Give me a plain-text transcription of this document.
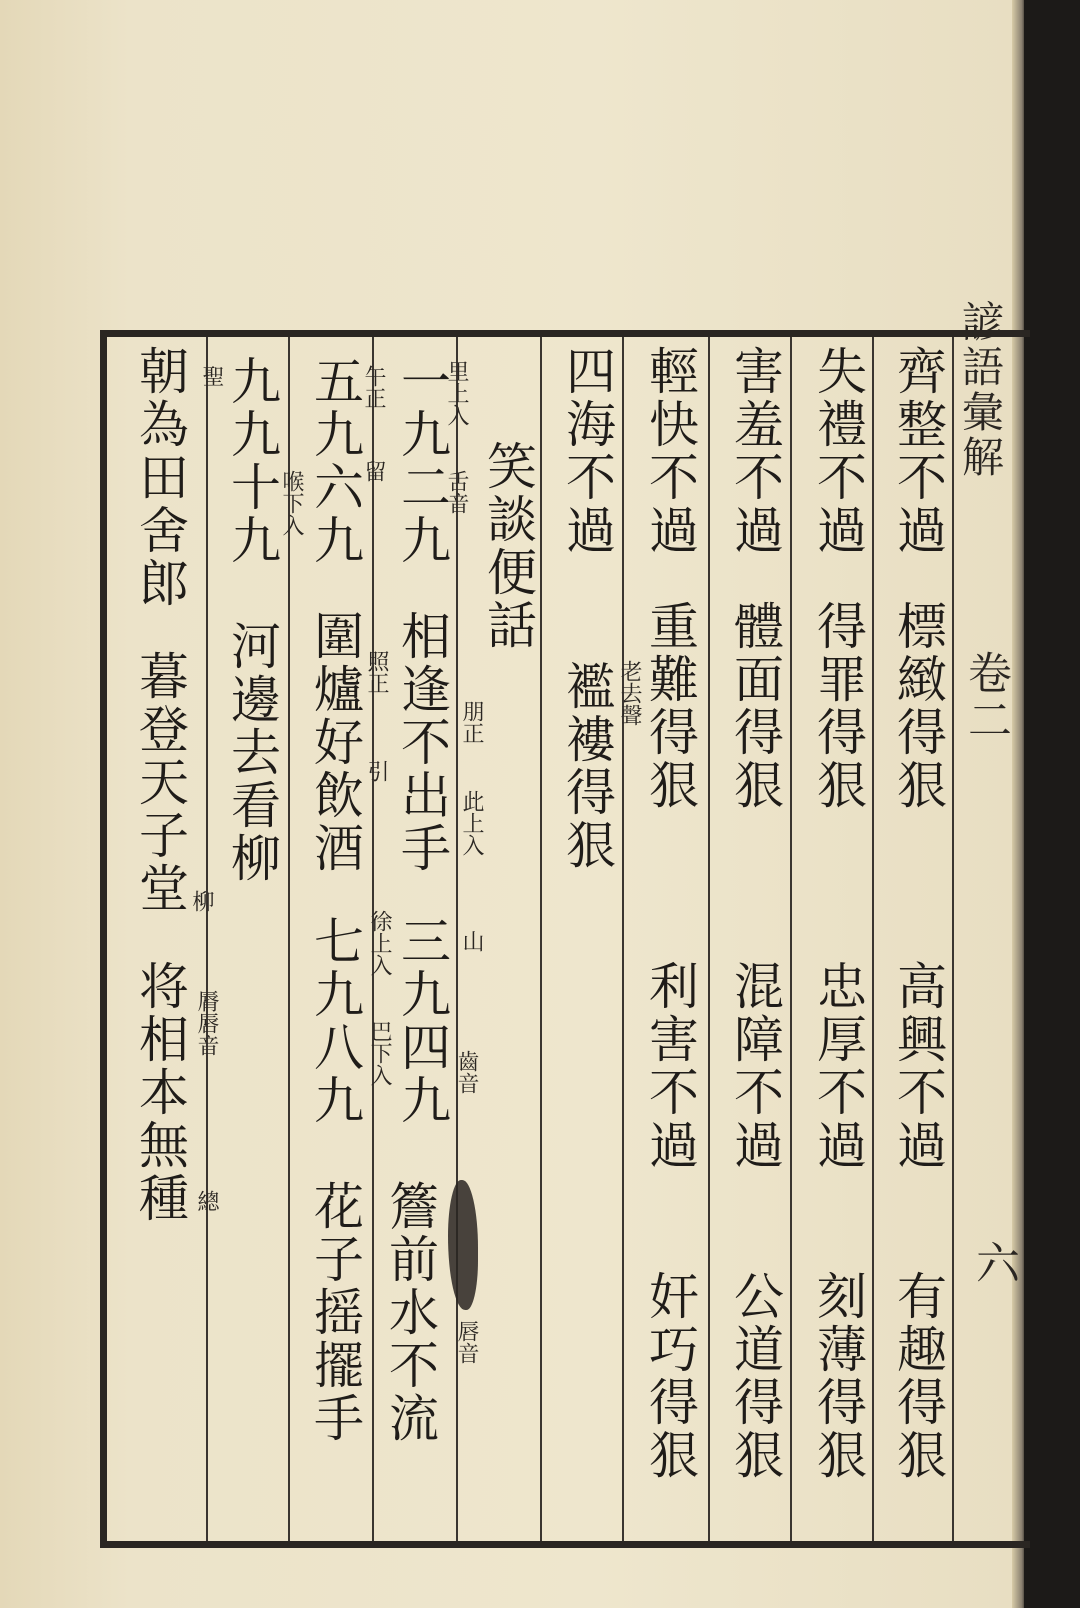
諺語彙解
卷二
六
齊整不過
標緻得狠
高興不過
有趣得狠
失禮不過
得罪得狠
忠厚不過
刻薄得狠
害羞不過
體面得狠
混障不過
公道得狠
輕快不過
重難得狠
利害不過
奸巧得狠
四海不過
襤褸得狠 老去聲
笑談便話
里上入
舌音
朋正
此上入
山
齒音
唇音
一九二九
相逢不出手
三九四九
簷前水不流
五九六九
圍爐好飲酒
七九八九
花子摇擺手
午正
留
喉下入
照正
引
徐上入
巴下入
九九十九
河邊去看柳
聖
朝為田舍郎
暮登天子堂
将相本無種
柳
脣唇音
總
